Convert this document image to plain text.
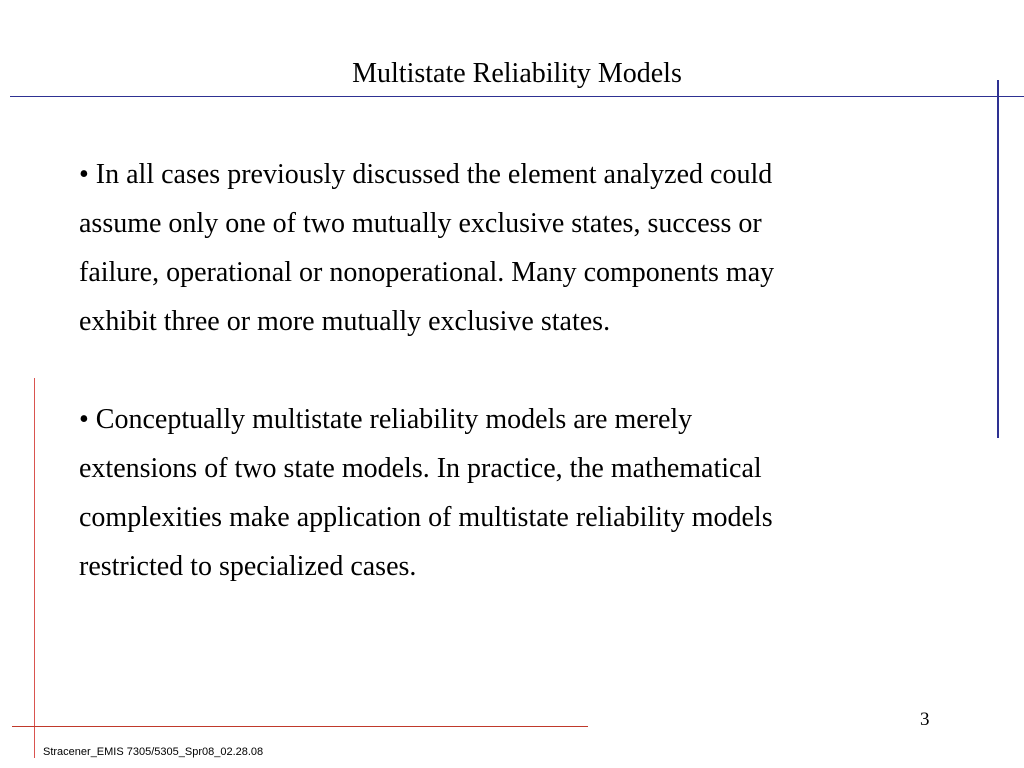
Multistate Reliability Models

• In all cases previously discussed the element analyzed could
assume only one of two mutually exclusive states, success or
failure, operational or nonoperational. Many components may
exhibit three or more mutually exclusive states.

• Conceptually multistate reliability models are merely
extensions of two state models. In practice, the mathematical
complexities make application of multistate reliability models
restricted to specialized cases.

3
Stracener_EMIS 7305/5305_Spr08_02.28.08
